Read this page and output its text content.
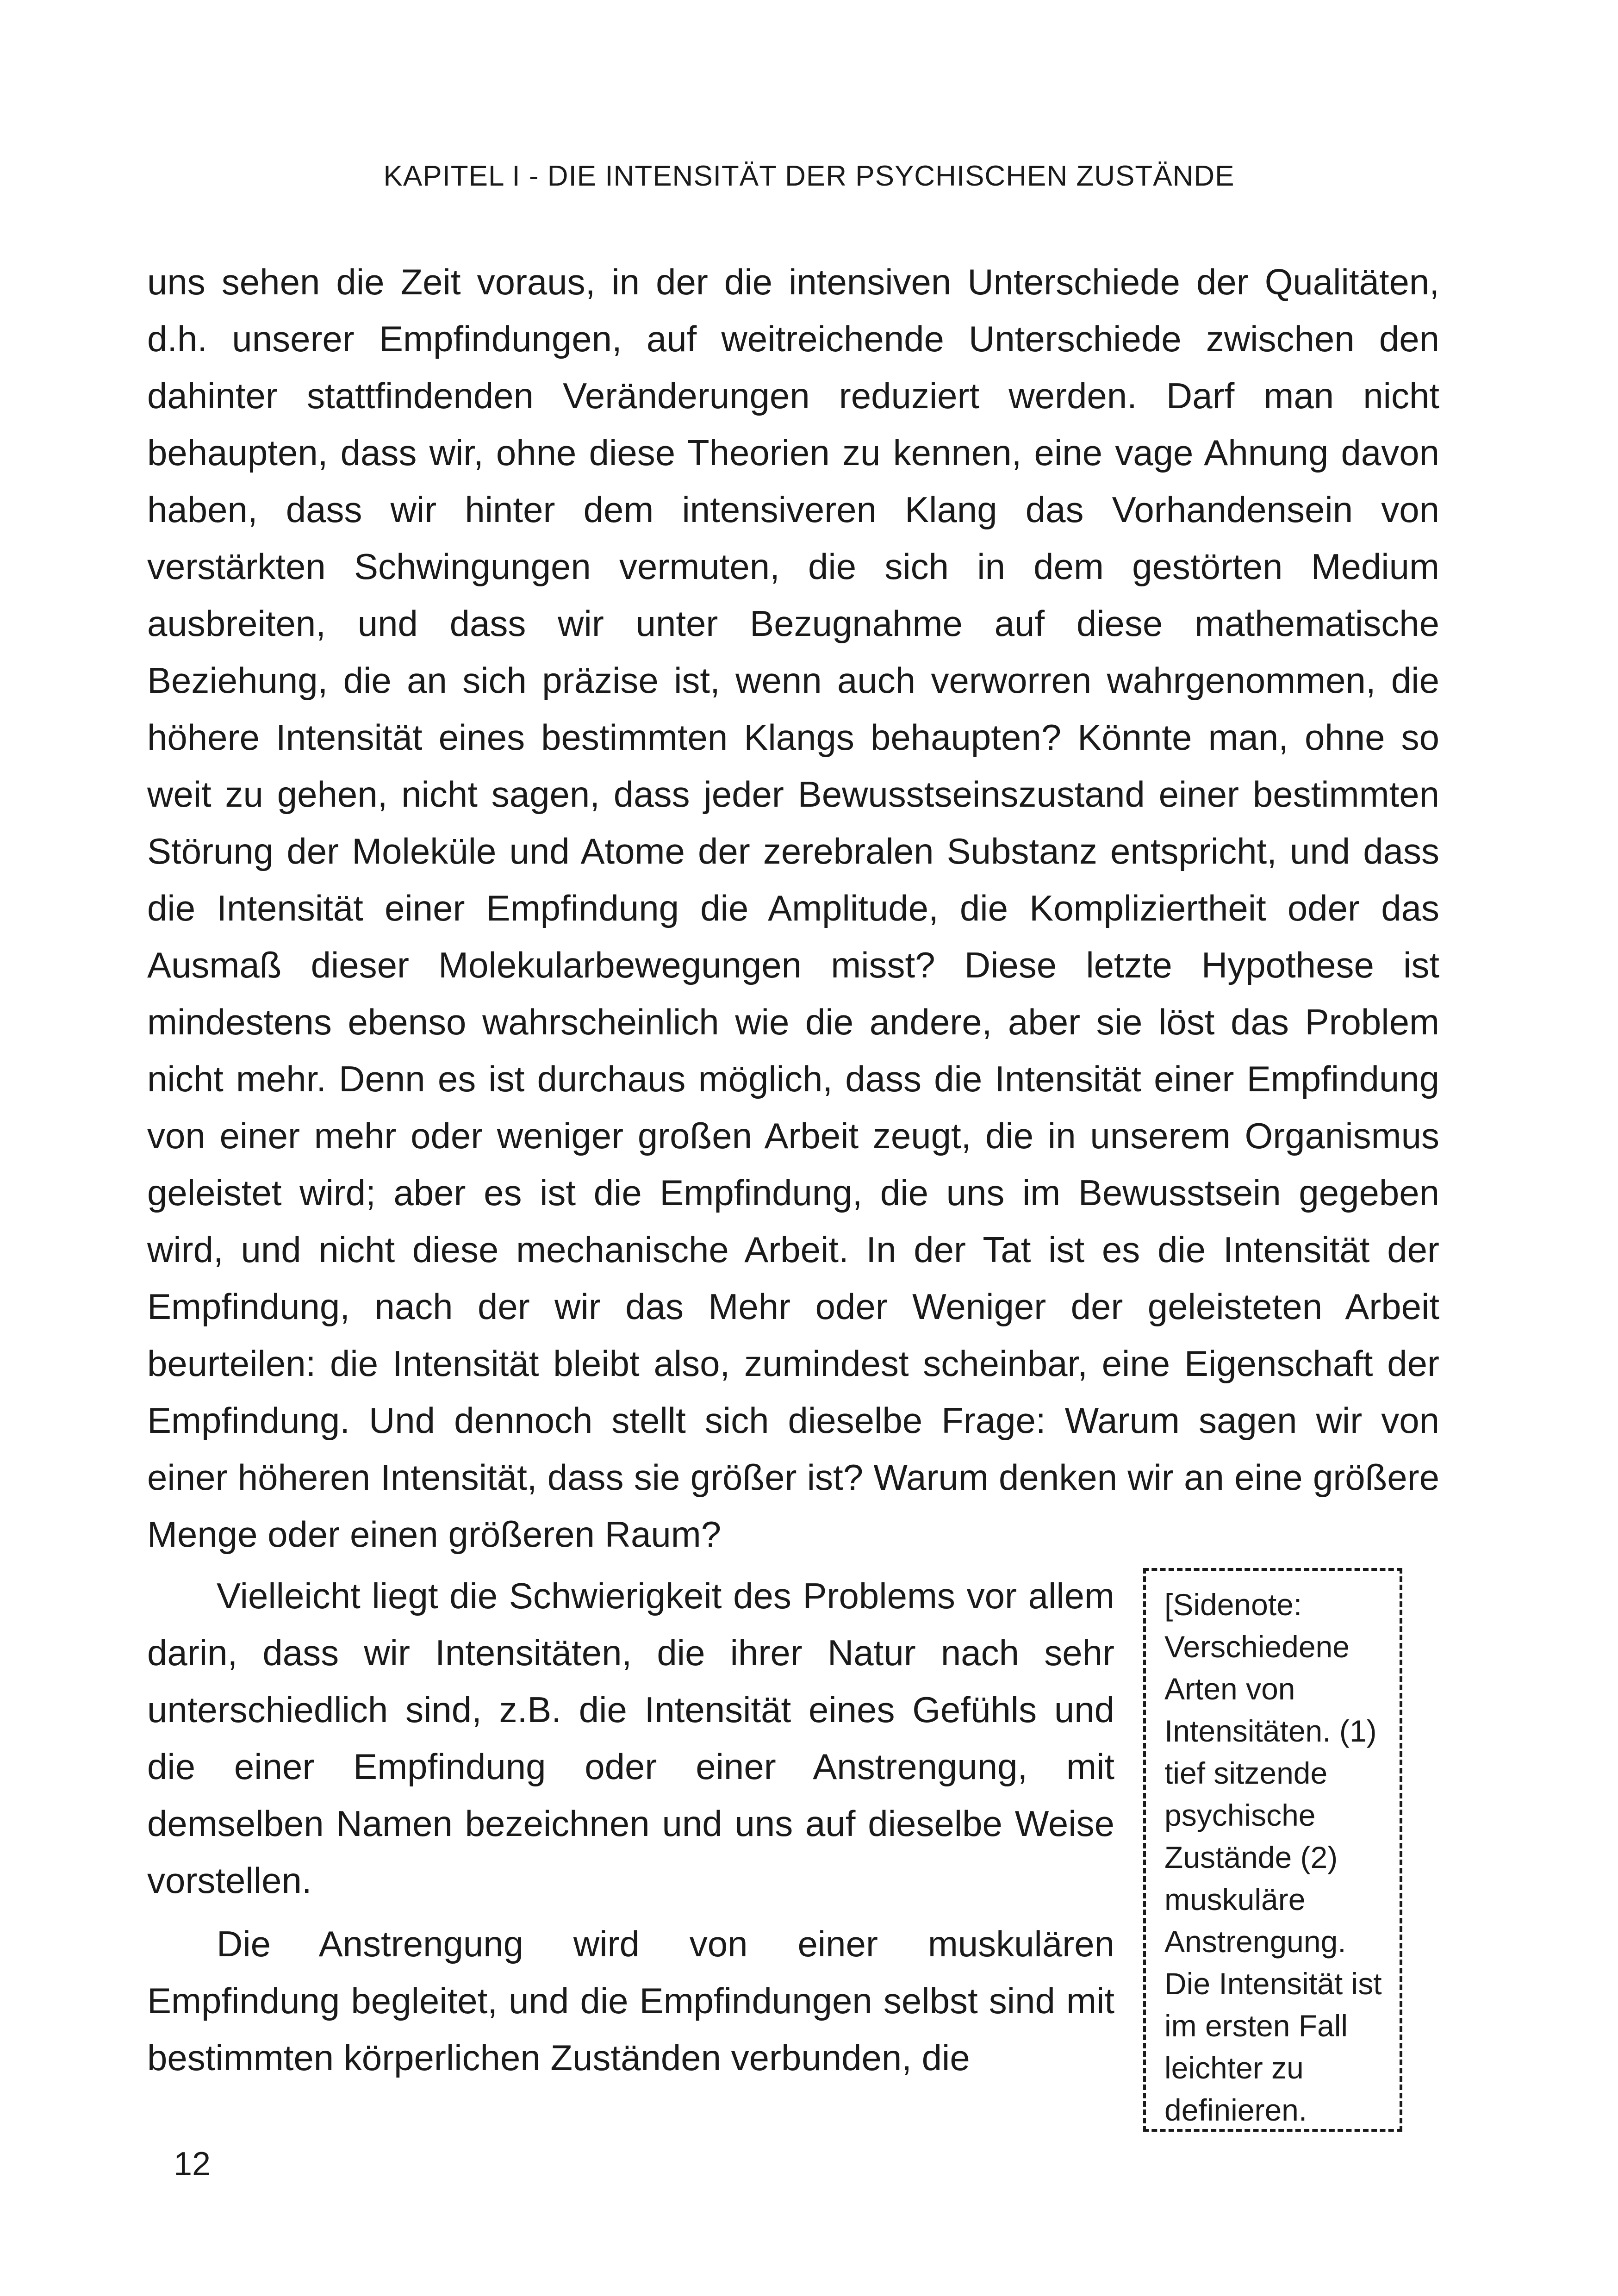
KAPITEL I - DIE INTENSITÄT DER PSYCHISCHEN ZUSTÄNDE

uns sehen die Zeit voraus, in der die intensiven Unterschiede der Qualitäten, d.h. unserer Empfindungen, auf weitreichende Unterschiede zwischen den dahinter stattfindenden Veränderungen reduziert werden. Darf man nicht behaupten, dass wir, ohne diese Theorien zu kennen, eine vage Ahnung davon haben, dass wir hinter dem intensiveren Klang das Vorhandensein von verstärkten Schwingungen vermuten, die sich in dem gestörten Medium ausbreiten, und dass wir unter Bezugnahme auf diese mathematische Beziehung, die an sich präzise ist, wenn auch verworren wahrgenommen, die höhere Intensität eines bestimmten Klangs behaupten? Könnte man, ohne so weit zu gehen, nicht sagen, dass jeder Bewusstseinszustand einer bestimmten Störung der Moleküle und Atome der zerebralen Substanz entspricht, und dass die Intensität einer Empfindung die Amplitude, die Kompliziertheit oder das Ausmaß dieser Molekularbewegungen misst? Diese letzte Hypothese ist mindestens ebenso wahrscheinlich wie die andere, aber sie löst das Problem nicht mehr. Denn es ist durchaus möglich, dass die Intensität einer Empfindung von einer mehr oder weniger großen Arbeit zeugt, die in unserem Organismus geleistet wird; aber es ist die Empfindung, die uns im Bewusstsein gegeben wird, und nicht diese mechanische Arbeit. In der Tat ist es die Intensität der Empfindung, nach der wir das Mehr oder Weniger der geleisteten Arbeit beurteilen: die Intensität bleibt also, zumindest scheinbar, eine Eigenschaft der Empfindung. Und dennoch stellt sich dieselbe Frage: Warum sagen wir von einer höheren Intensität, dass sie größer ist? Warum denken wir an eine größere Menge oder einen größeren Raum?

Vielleicht liegt die Schwierigkeit des Problems vor allem darin, dass wir Intensitäten, die ihrer Natur nach sehr unterschiedlich sind, z.B. die Intensität eines Gefühls und die einer Empfindung oder einer Anstrengung, mit demselben Namen bezeichnen und uns auf dieselbe Weise vorstellen.

Die Anstrengung wird von einer muskulären Empfindung begleitet, und die Empfindungen selbst sind mit bestimmten körperlichen Zuständen verbunden, die

[Sidenote: Verschiedene Arten von Intensitäten. (1) tief sitzende psychische Zustände (2) muskuläre Anstrengung. Die Intensität ist im ersten Fall leichter zu definieren.
12
